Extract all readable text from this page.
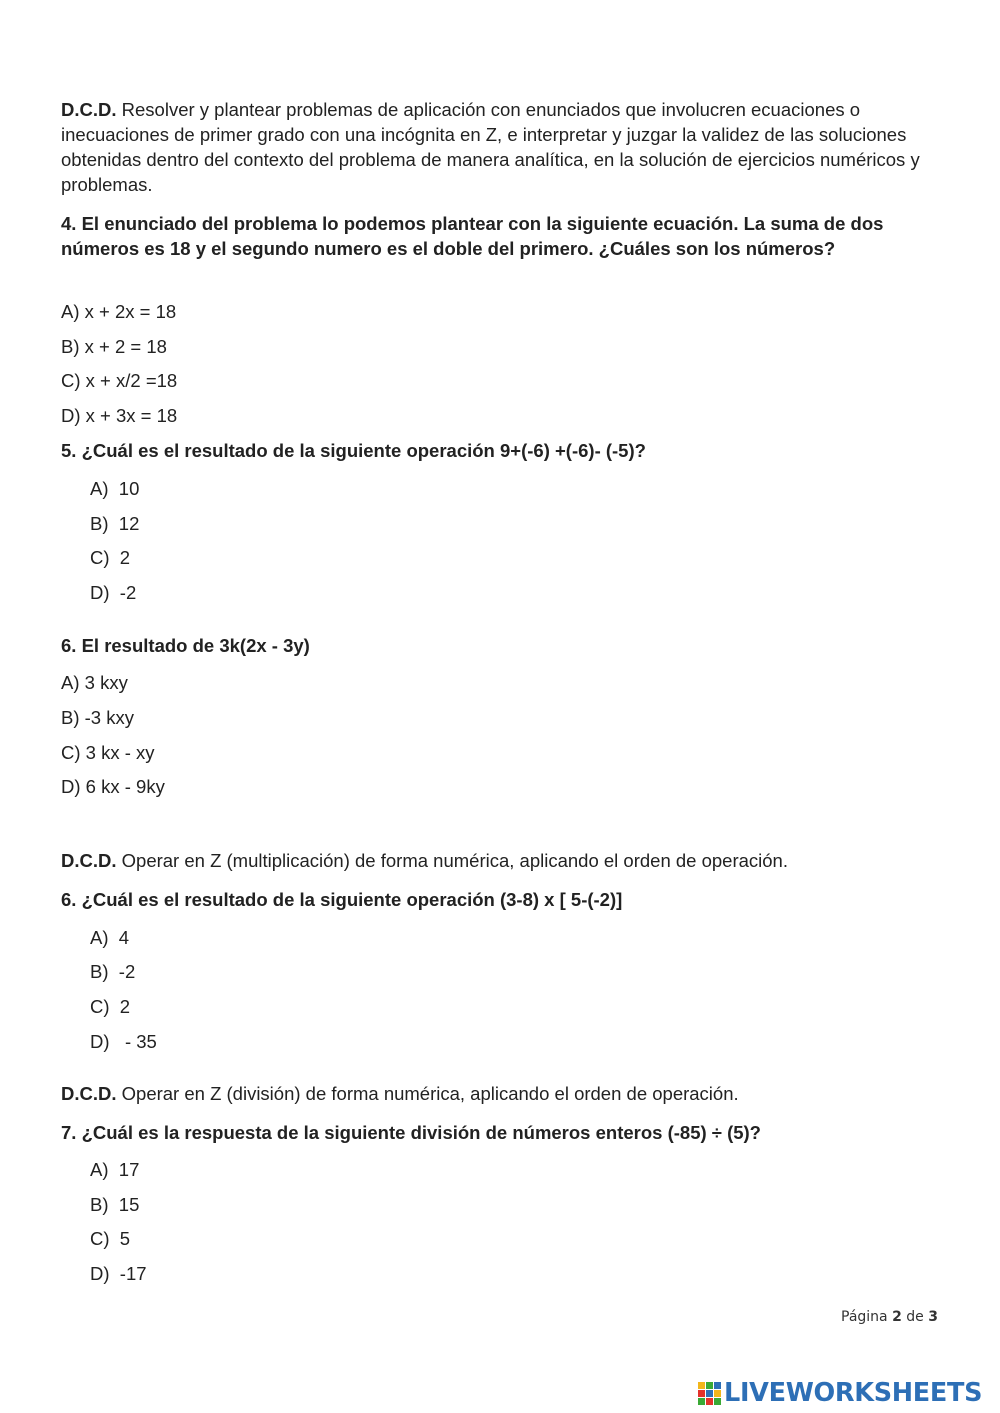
D.C.D. Resolver y plantear problemas de aplicación con enunciados que involucren ecuaciones o inecuaciones de primer grado con una incógnita en Z, e interpretar y juzgar la validez de las soluciones obtenidas dentro del contexto del problema de manera analítica, en la solución de ejercicios numéricos y problemas.

4. El enunciado del problema lo podemos plantear con la siguiente ecuación. La suma de dos números es 18 y el segundo numero es el doble del primero. ¿Cuáles son los números?

A) x + 2x = 18
B) x + 2 = 18
C) x + x/2 =18
D) x + 3x = 18

5. ¿Cuál es el resultado de la siguiente operación 9+(-6) +(-6)- (-5)?

A)  10
B)  12
C)  2
D)  -2

6. El resultado de 3k(2x - 3y)

A) 3 kxy
B) -3 kxy
C) 3 kx - xy
D) 6 kx - 9ky

D.C.D. Operar en Z (multiplicación) de forma numérica, aplicando el orden de operación.

6. ¿Cuál es el resultado de la siguiente operación (3-8) x [ 5-(-2)]

A)  4
B)  -2
C)  2
D)   - 35

D.C.D. Operar en Z (división) de forma numérica, aplicando el orden de operación.

7. ¿Cuál es la respuesta de la siguiente división de números enteros (-85) ÷ (5)?

A)  17
B)  15
C)  5
D)  -17
Página 2 de 3
LIVEWORKSHEETS
